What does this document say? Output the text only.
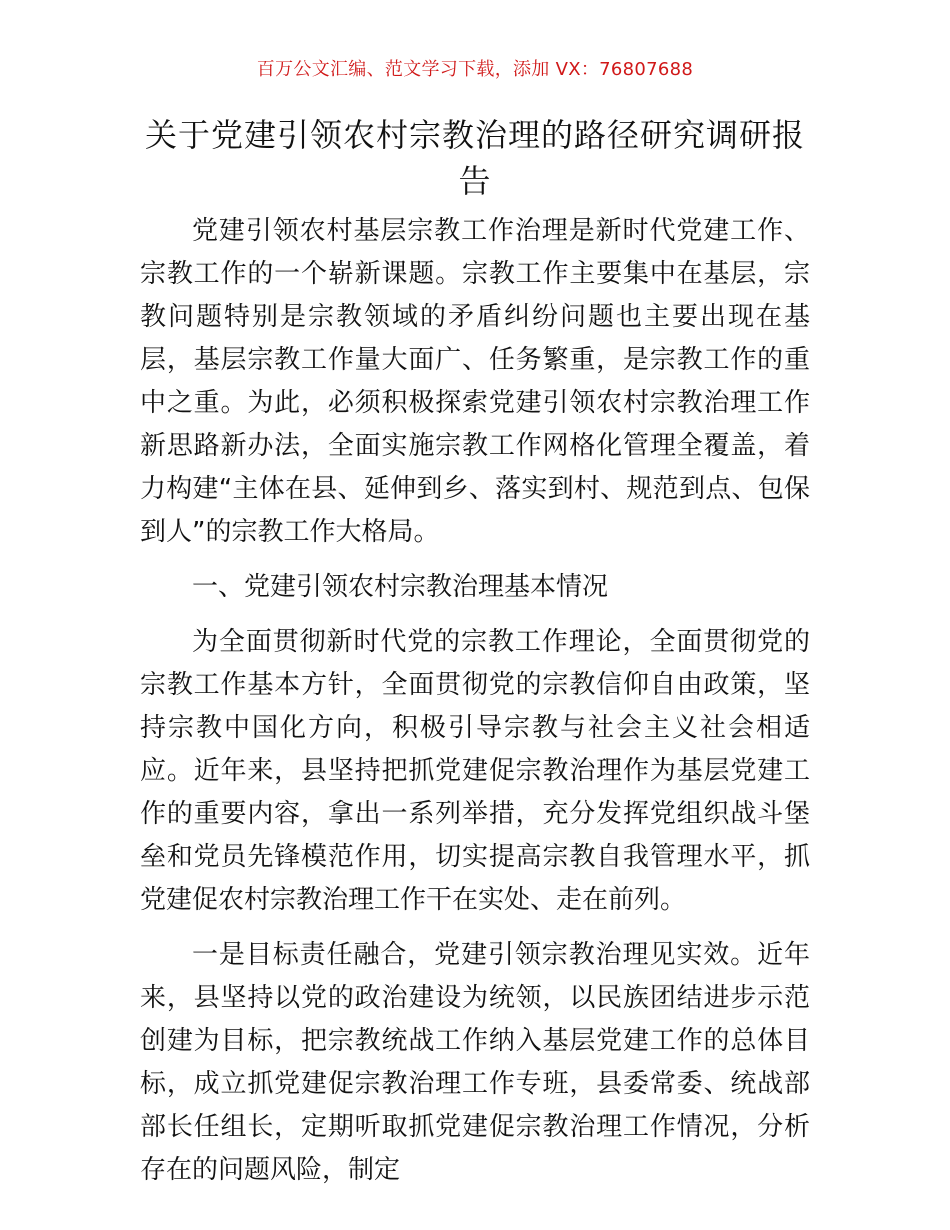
百万公文汇编、范文学习下载，添加 VX：76807688
关于党建引领农村宗教治理的路径研究调研报告

党建引领农村基层宗教工作治理是新时代党建工作、宗教工作的一个崭新课题。宗教工作主要集中在基层，宗教问题特别是宗教领域的矛盾纠纷问题也主要出现在基层，基层宗教工作量大面广、任务繁重，是宗教工作的重中之重。为此，必须积极探索党建引领农村宗教治理工作新思路新办法，全面实施宗教工作网格化管理全覆盖，着力构建“主体在县、延伸到乡、落实到村、规范到点、包保到人”的宗教工作大格局。

一、党建引领农村宗教治理基本情况

为全面贯彻新时代党的宗教工作理论，全面贯彻党的宗教工作基本方针，全面贯彻党的宗教信仰自由政策，坚持宗教中国化方向，积极引导宗教与社会主义社会相适应。近年来，县坚持把抓党建促宗教治理作为基层党建工作的重要内容，拿出一系列举措，充分发挥党组织战斗堡垒和党员先锋模范作用，切实提高宗教自我管理水平，抓党建促农村宗教治理工作干在实处、走在前列。

一是目标责任融合，党建引领宗教治理见实效。近年来，县坚持以党的政治建设为统领，以民族团结进步示范创建为目标，把宗教统战工作纳入基层党建工作的总体目标，成立抓党建促宗教治理工作专班，县委常委、统战部部长任组长，定期听取抓党建促宗教治理工作情况，分析存在的问题风险，制定
